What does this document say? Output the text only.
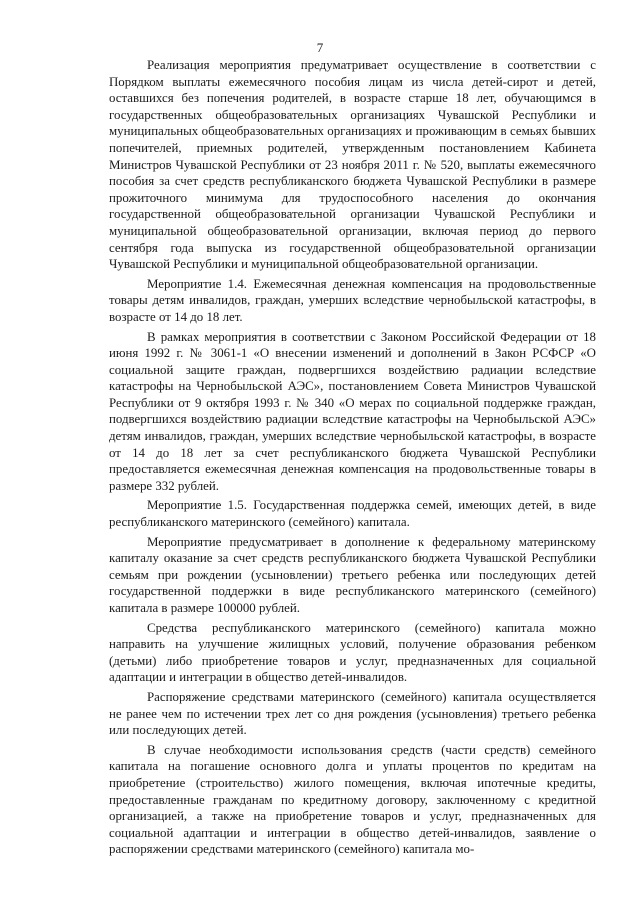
7

Реализация мероприятия предуматривает осуществление в соответствии с Порядком выплаты ежемесячного пособия лицам из числа детей-сирот и детей, оставшихся без попечения родителей, в возрасте старше 18 лет, обучающимся в государственных общеобразовательных организациях Чувашской Республики и муниципальных общеобразовательных организациях и проживающим в семьях бывших попечителей, приемных родителей, утвержденным постановлением Кабинета Министров Чувашской Республики от 23 ноября 2011 г. № 520, выплаты ежемесячного пособия за счет средств республиканского бюджета Чувашской Республики в размере прожиточного минимума для трудоспособного населения до окончания государственной общеобразовательной организации Чувашской Республики и муниципальной общеобразовательной организации, включая период до первого сентября года выпуска из государственной общеобразовательной организации Чувашской Республики и муниципальной общеобразовательной организации.

Мероприятие 1.4. Ежемесячная денежная компенсация на продовольственные товары детям инвалидов, граждан, умерших вследствие чернобыльской катастрофы, в возрасте от 14 до 18 лет.

В рамках мероприятия в соответствии с Законом Российской Федерации от 18 июня 1992 г. № 3061-1 «О внесении изменений и дополнений в Закон РСФСР «О социальной защите граждан, подвергшихся воздействию радиации вследствие катастрофы на Чернобыльской АЭС», постановлением Совета Министров Чувашской Республики от 9 октября 1993 г. № 340 «О мерах по социальной поддержке граждан, подвергшихся воздействию радиации вследствие катастрофы на Чернобыльской АЭС» детям инвалидов, граждан, умерших вследствие чернобыльской катастрофы, в возрасте от 14 до 18 лет за счет республиканского бюджета Чувашской Республики предоставляется ежемесячная денежная компенсация на продовольственные товары в размере 332 рублей.

Мероприятие 1.5. Государственная поддержка семей, имеющих детей, в виде республиканского материнского (семейного) капитала.

Мероприятие предусматривает в дополнение к федеральному материнскому капиталу оказание за счет средств республиканского бюджета Чувашской Республики семьям при рождении (усыновлении) третьего ребенка или последующих детей государственной поддержки в виде республиканского материнского (семейного) капитала в размере 100000 рублей.

Средства республиканского материнского (семейного) капитала можно направить на улучшение жилищных условий, получение образования ребенком (детьми) либо приобретение товаров и услуг, предназначенных для социальной адаптации и интеграции в общество детей-инвалидов.

Распоряжение средствами материнского (семейного) капитала осуществляется не ранее чем по истечении трех лет со дня рождения (усыновления) третьего ребенка или последующих детей.

В случае необходимости использования средств (части средств) семейного капитала на погашение основного долга и уплаты процентов по кредитам на приобретение (строительство) жилого помещения, включая ипотечные кредиты, предоставленные гражданам по кредитному договору, заключенному с кредитной организацией, а также на приобретение товаров и услуг, предназначенных для социальной адаптации и интеграции в общество детей-инвалидов, заявление о распоряжении средствами материнского (семейного) капитала мо-
